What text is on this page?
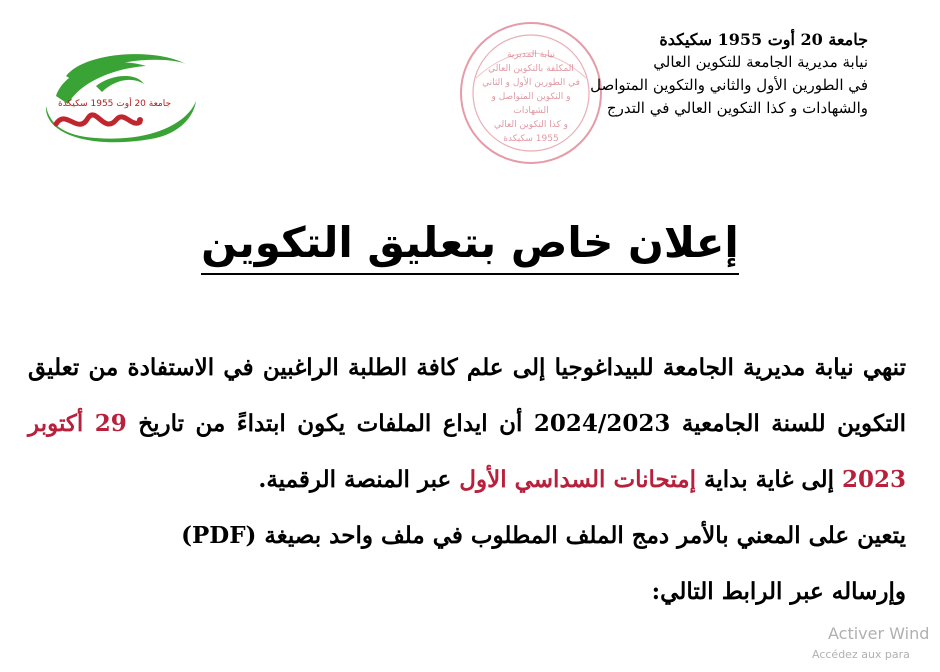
جامعة 20 أوت 1955 سكيكدة
نيابة المديرية
المكلفة بالتكوين العالي
في الطورين الأول و الثاني
و التكوين المتواصل و الشهادات
و كذا التكوين العالي
1955 سكيكدة
جامعة 20 أوت 1955 سكيكدة
نيابة مديرية الجامعة للتكوين العالي
في الطورين الأول والثاني والتكوين المتواصل
والشهادات و كذا التكوين العالي في التدرج
إعلان خاص بتعليق التكوين

تنهي نيابة مديرية الجامعة للبيداغوجيا إلى علم كافة الطلبة الراغبين في الاستفادة من تعليق التكوين للسنة الجامعية 2024/2023 أن ايداع الملفات يكون ابتداءً من تاريخ 29 أكتوبر 2023 إلى غاية بداية إمتحانات السداسي الأول عبر المنصة الرقمية.

يتعين على المعني بالأمر دمج الملف المطلوب في ملف واحد بصيغة (PDF)

وإرساله عبر الرابط التالي:

Activer Wind
Accédez aux para
